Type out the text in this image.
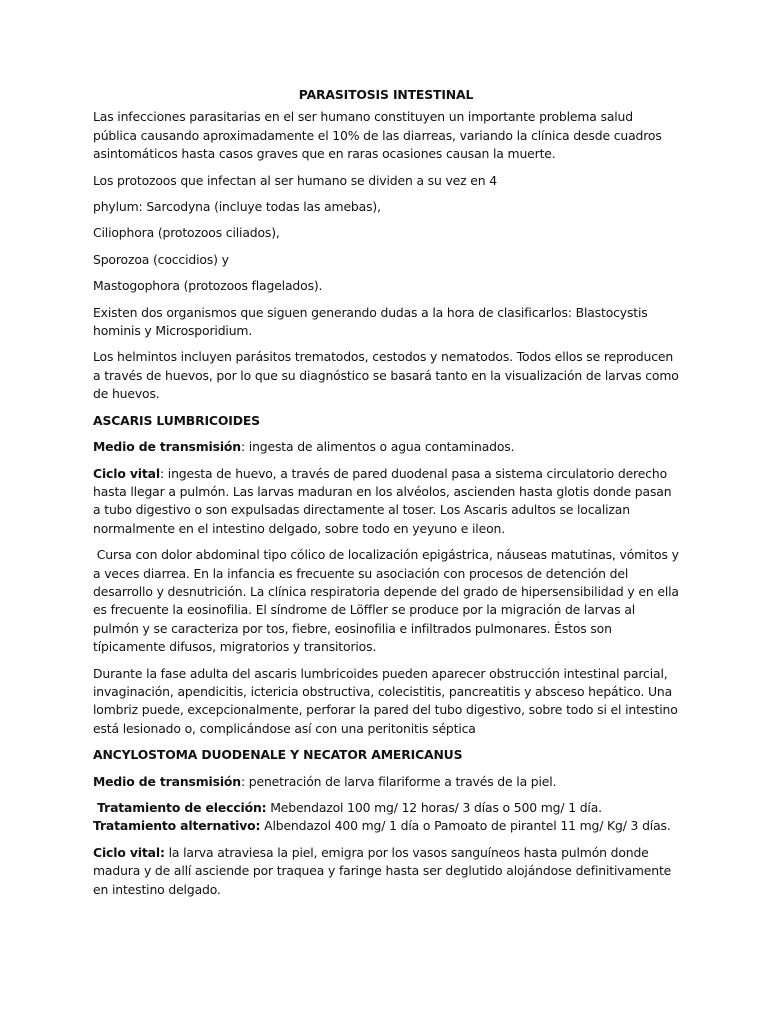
PARASITOSIS INTESTINAL

Las infecciones parasitarias en el ser humano constituyen un importante problema salud pública causando aproximadamente el 10% de las diarreas, variando la clínica desde cuadros asintomáticos hasta casos graves que en raras ocasiones causan la muerte.

Los protozoos que infectan al ser humano se dividen a su vez en 4

phylum: Sarcodyna (incluye todas las amebas),

Ciliophora (protozoos ciliados),

Sporozoa (coccidios) y

Mastogophora (protozoos flagelados).

Existen dos organismos que siguen generando dudas a la hora de clasificarlos: Blastocystis hominis y Microsporidium.

Los helmintos incluyen parásitos trematodos, cestodos y nematodos. Todos ellos se reproducen a través de huevos, por lo que su diagnóstico se basará tanto en la visualización de larvas como de huevos.

ASCARIS LUMBRICOIDES

Medio de transmisión: ingesta de alimentos o agua contaminados.

Ciclo vital: ingesta de huevo, a través de pared duodenal pasa a sistema circulatorio derecho hasta llegar a pulmón. Las larvas maduran en los alvéolos, ascienden hasta glotis donde pasan a tubo digestivo o son expulsadas directamente al toser. Los Ascaris adultos se localizan normalmente en el intestino delgado, sobre todo en yeyuno e ileon.

Cursa con dolor abdominal tipo cólico de localización epigástrica, náuseas matutinas, vómitos y a veces diarrea. En la infancia es frecuente su asociación con procesos de detención del desarrollo y desnutrición. La clínica respiratoria depende del grado de hipersensibilidad y en ella es frecuente la eosinofilia. El síndrome de Löffler se produce por la migración de larvas al pulmón y se caracteriza por tos, fiebre, eosinofilia e infiltrados pulmonares. Éstos son típicamente difusos, migratorios y transitorios.

Durante la fase adulta del ascaris lumbricoides pueden aparecer obstrucción intestinal parcial, invaginación, apendicitis, ictericia obstructiva, colecistitis, pancreatitis y absceso hepático. Una lombriz puede, excepcionalmente, perforar la pared del tubo digestivo, sobre todo si el intestino está lesionado o, complicándose así con una peritonitis séptica

ANCYLOSTOMA DUODENALE Y NECATOR AMERICANUS

Medio de transmisión: penetración de larva filariforme a través de la piel.

Tratamiento de elección: Mebendazol 100 mg/ 12 horas/ 3 días o 500 mg/ 1 día. Tratamiento alternativo: Albendazol 400 mg/ 1 día o Pamoato de pirantel 11 mg/ Kg/ 3 días.

Ciclo vital: la larva atraviesa la piel, emigra por los vasos sanguíneos hasta pulmón donde madura y de allí asciende por traquea y faringe hasta ser deglutido alojándose definitivamente en intestino delgado.
